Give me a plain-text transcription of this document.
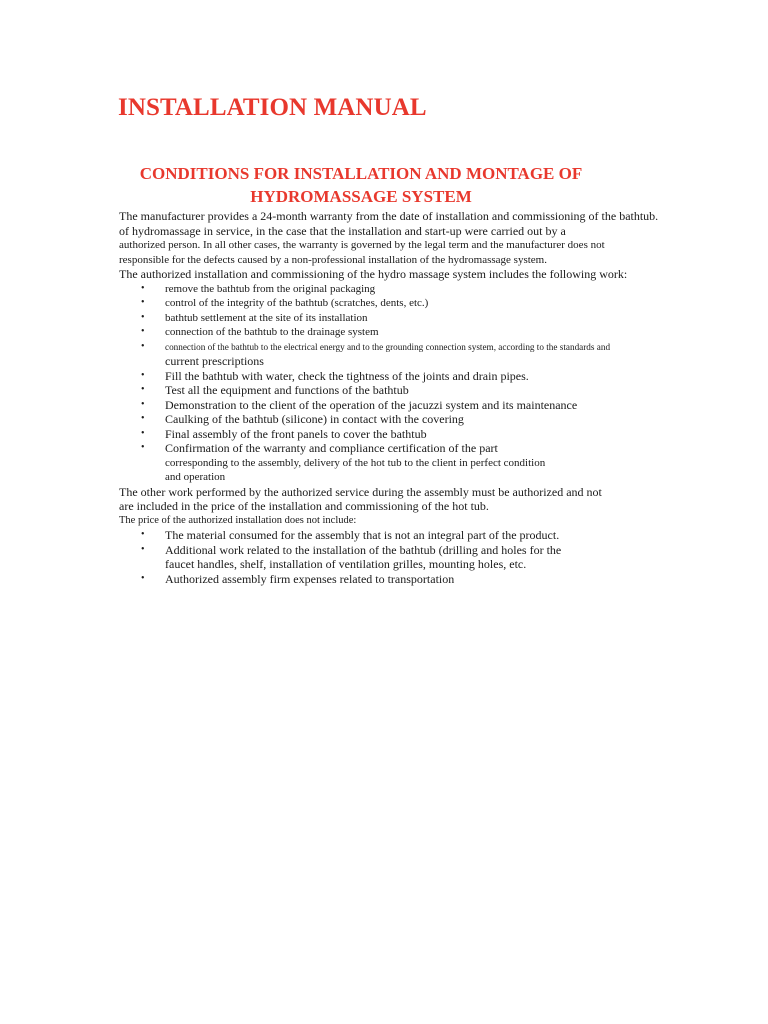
INSTALLATION MANUAL
CONDITIONS FOR INSTALLATION AND MONTAGE OF
HYDROMASSAGE SYSTEM
The manufacturer provides a 24-month warranty from the date of installation and commissioning of the bathtub.
of hydromassage in service, in the case that the installation and start-up were carried out by a
authorized person. In all other cases, the warranty is governed by the legal term and the manufacturer does not
responsible for the defects caused by a non-professional installation of the hydromassage system.
The authorized installation and commissioning of the hydro massage system includes the following work:
• remove the bathtub from the original packaging
• control of the integrity of the bathtub (scratches, dents, etc.)
• bathtub settlement at the site of its installation
• connection of the bathtub to the drainage system
• connection of the bathtub to the electrical energy and to the grounding connection system, according to the standards and
current prescriptions
• Fill the bathtub with water, check the tightness of the joints and drain pipes.
• Test all the equipment and functions of the bathtub
• Demonstration to the client of the operation of the jacuzzi system and its maintenance
• Caulking of the bathtub (silicone) in contact with the covering
• Final assembly of the front panels to cover the bathtub
• Confirmation of the warranty and compliance certification of the part
corresponding to the assembly, delivery of the hot tub to the client in perfect condition
and operation
The other work performed by the authorized service during the assembly must be authorized and not
are included in the price of the installation and commissioning of the hot tub.
The price of the authorized installation does not include:
• The material consumed for the assembly that is not an integral part of the product.
• Additional work related to the installation of the bathtub (drilling and holes for the
faucet handles, shelf, installation of ventilation grilles, mounting holes, etc.
• Authorized assembly firm expenses related to transportation
